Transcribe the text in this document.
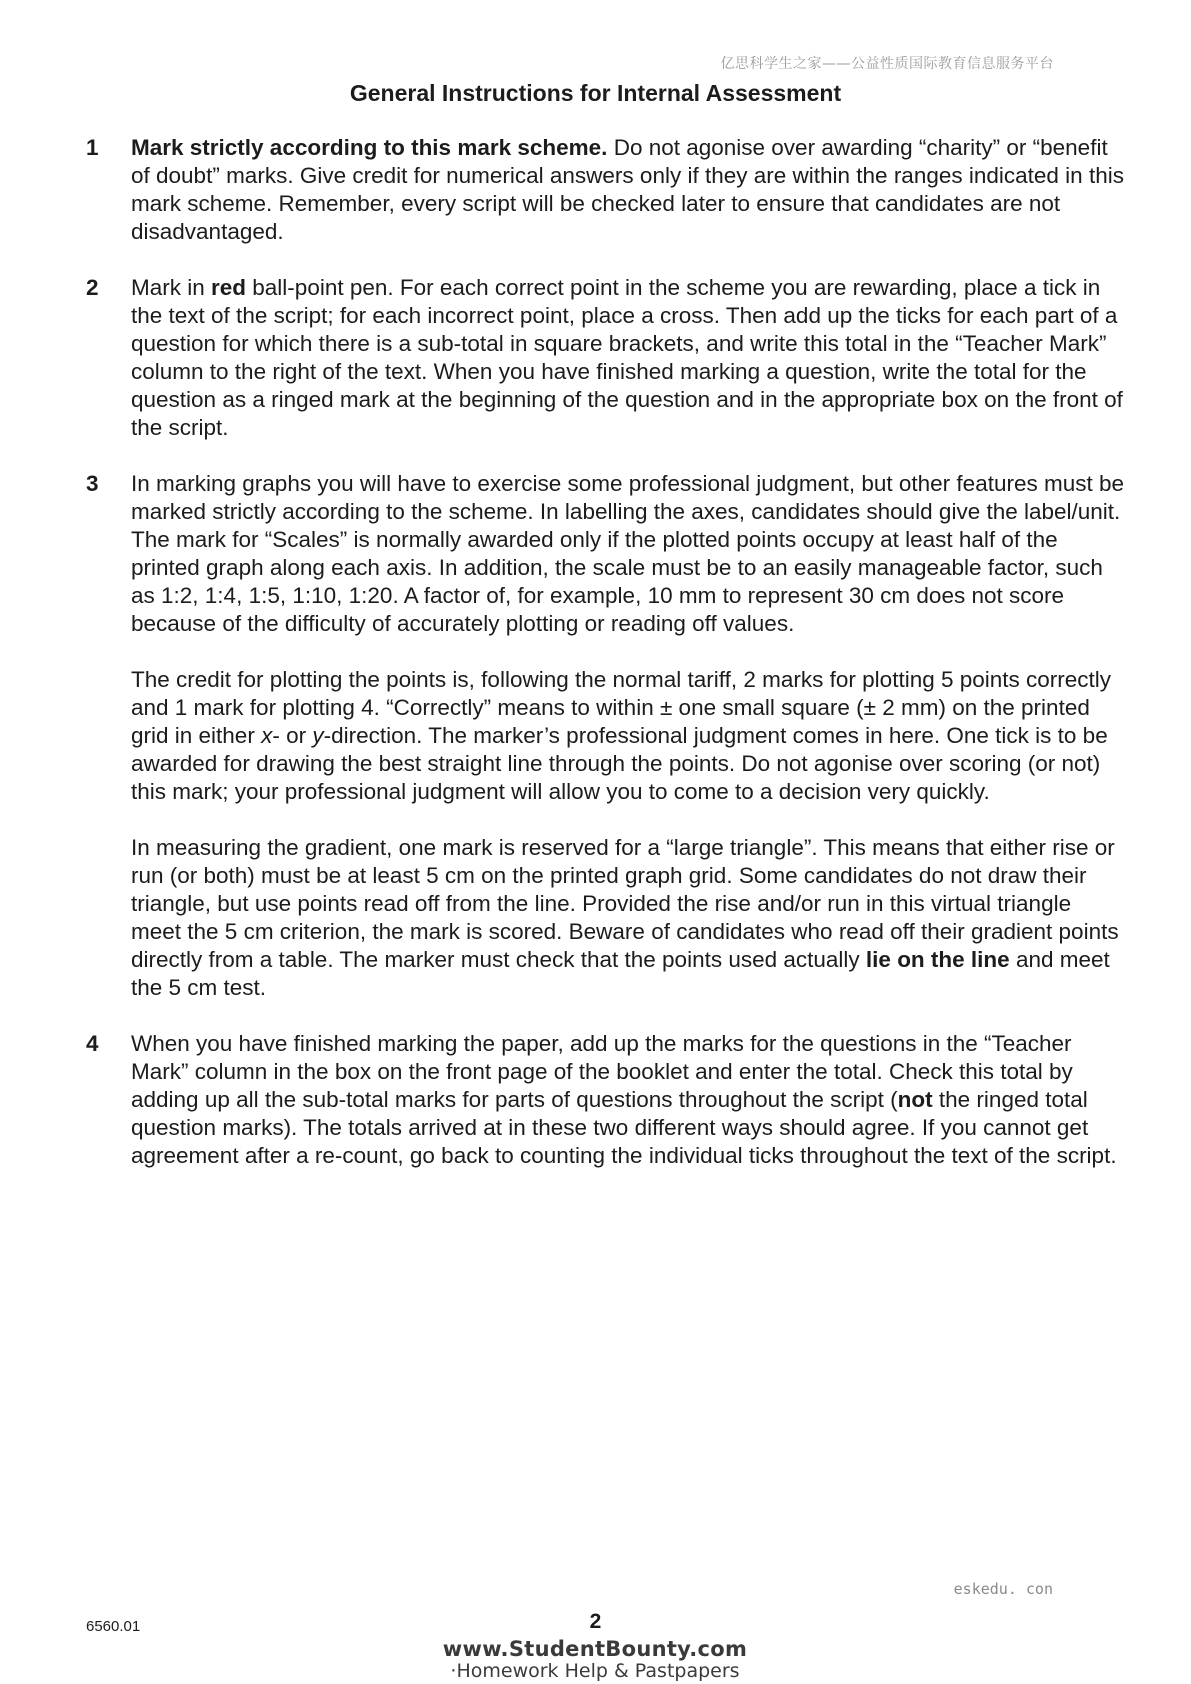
亿思科学生之家——公益性质国际教育信息服务平台
General Instructions for Internal Assessment
1 Mark strictly according to this mark scheme. Do not agonise over awarding “charity” or “benefit of doubt” marks. Give credit for numerical answers only if they are within the ranges indicated in this mark scheme. Remember, every script will be checked later to ensure that candidates are not disadvantaged.

2 Mark in red ball-point pen. For each correct point in the scheme you are rewarding, place a tick in the text of the script; for each incorrect point, place a cross. Then add up the ticks for each part of a question for which there is a sub-total in square brackets, and write this total in the “Teacher Mark” column to the right of the text. When you have finished marking a question, write the total for the question as a ringed mark at the beginning of the question and in the appropriate box on the front of the script.

3 In marking graphs you will have to exercise some professional judgment, but other features must be marked strictly according to the scheme. In labelling the axes, candidates should give the label/unit. The mark for “Scales” is normally awarded only if the plotted points occupy at least half of the printed graph along each axis. In addition, the scale must be to an easily manageable factor, such as 1:2, 1:4, 1:5, 1:10, 1:20. A factor of, for example, 10 mm to represent 30 cm does not score because of the difficulty of accurately plotting or reading off values.

The credit for plotting the points is, following the normal tariff, 2 marks for plotting 5 points correctly and 1 mark for plotting 4. “Correctly” means to within ± one small square (± 2 mm) on the printed grid in either x- or y-direction. The marker’s professional judgment comes in here. One tick is to be awarded for drawing the best straight line through the points. Do not agonise over scoring (or not) this mark; your professional judgment will allow you to come to a decision very quickly.

In measuring the gradient, one mark is reserved for a “large triangle”. This means that either rise or run (or both) must be at least 5 cm on the printed graph grid. Some candidates do not draw their triangle, but use points read off from the line. Provided the rise and/or run in this virtual triangle meet the 5 cm criterion, the mark is scored. Beware of candidates who read off their gradient points directly from a table. The marker must check that the points used actually lie on the line and meet the 5 cm test.

4 When you have finished marking the paper, add up the marks for the questions in the “Teacher Mark” column in the box on the front page of the booklet and enter the total. Check this total by adding up all the sub-total marks for parts of questions throughout the script (not the ringed total question marks). The totals arrived at in these two different ways should agree. If you cannot get agreement after a re-count, go back to counting the individual ticks throughout the text of the script.

eskedu. con
6560.01	2
www.StudentBounty.com
·Homework Help & Pastpapers
